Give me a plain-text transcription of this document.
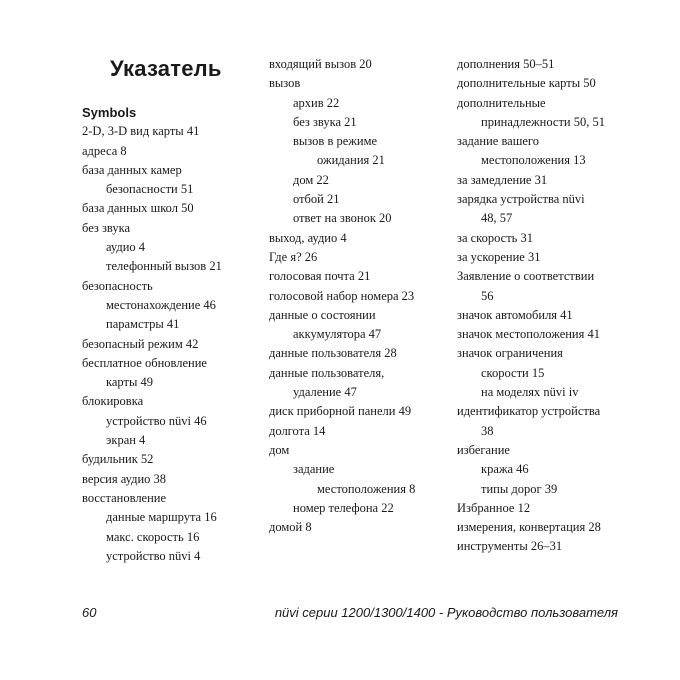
Указатель
Symbols
2-D, 3-D вид карты 41
адреса 8
база данных камер
безопасности 51
база данных школ 50
без звука
аудио 4
телефонный вызов 21
безопасность
местонахождение 46
парамстры 41
безопасный режим 42
бесплатное обновление
карты 49
блокировка
устройство nüvi 46
экран 4
будильник 52
версия аудио 38
восстановление
данные маршрута 16
макс. скорость 16
устройство nüvi 4
входящий вызов 20
вызов
архив 22
без звука 21
вызов в режиме
ожидания 21
дом 22
отбой 21
ответ на звонок 20
выход, аудио 4
Где я? 26
голосовая почта 21
голосовой набор номера 23
данные о состоянии
аккумулятора 47
данные пользователя 28
данные пользователя,
удаление 47
диск приборной панели 49
долгота 14
дом
задание
местоположения 8
номер телефона 22
домой 8
дополнения 50–51
дополнительные карты 50
дополнительные
принадлежности 50, 51
задание вашего
местоположения 13
за замедление 31
зарядка устройства nüvi
48, 57
за скорость 31
за ускорение 31
Заявление о соответствии
56
значок автомобиля 41
значок местоположения 41
значок ограничения
скорости 15
на моделях nüvi iv
идентификатор устройства
38
избегание
кража 46
типы дорог 39
Избранное 12
измерения, конвертация 28
инструменты 26–31
60	nüvi серии 1200/1300/1400 - Руководство пользователя
